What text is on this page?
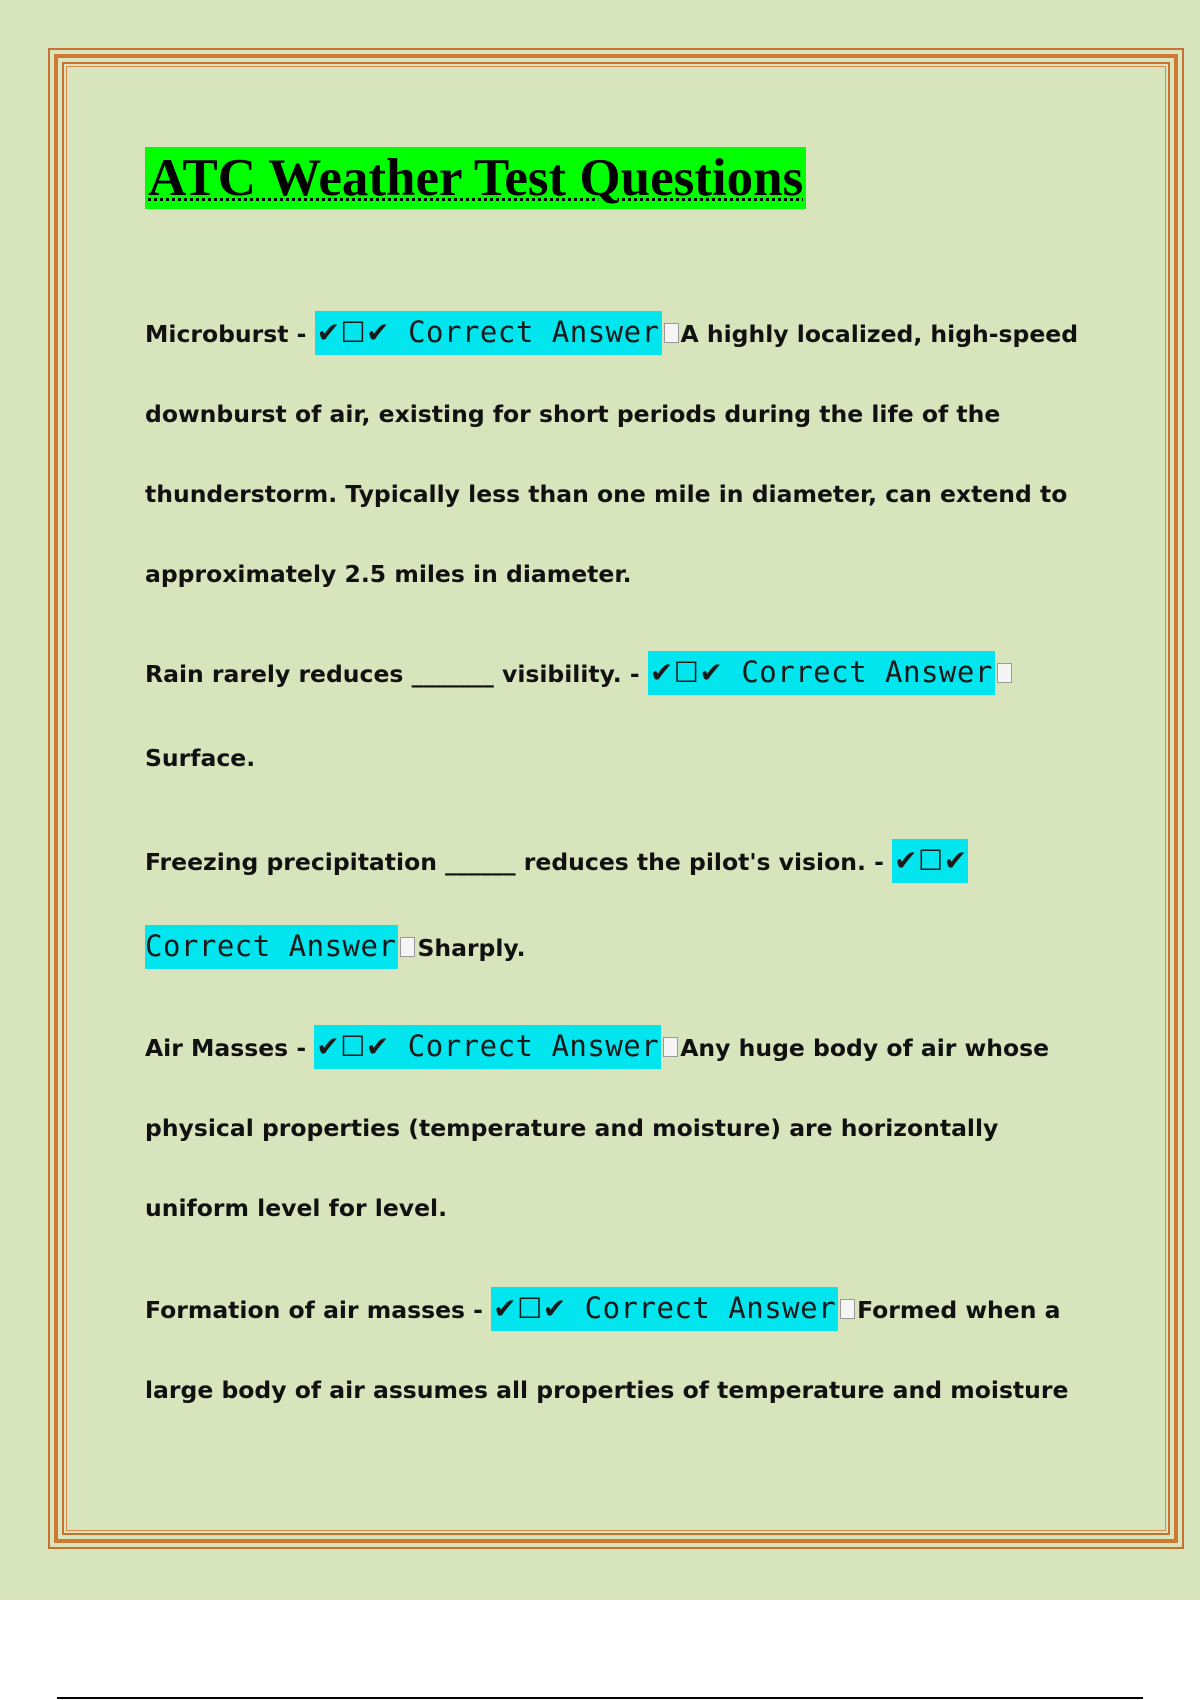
ATC Weather Test Questions

Microburst - ✔☐✔ Correct Answer A highly localized, high-speed downburst of air, existing for short periods during the life of the thunderstorm. Typically less than one mile in diameter, can extend to approximately 2.5 miles in diameter.

Rain rarely reduces _______ visibility. - ✔☐✔ Correct AnswerSurface.

Freezing precipitation ______ reduces the pilot's vision. - ✔☐✔ Correct Answer Sharply.

Air Masses - ✔☐✔ Correct Answer Any huge body of air whose physical properties (temperature and moisture) are horizontally uniform level for level.

Formation of air masses - ✔☐✔ Correct Answer Formed when a large body of air assumes all properties of temperature and moisture
